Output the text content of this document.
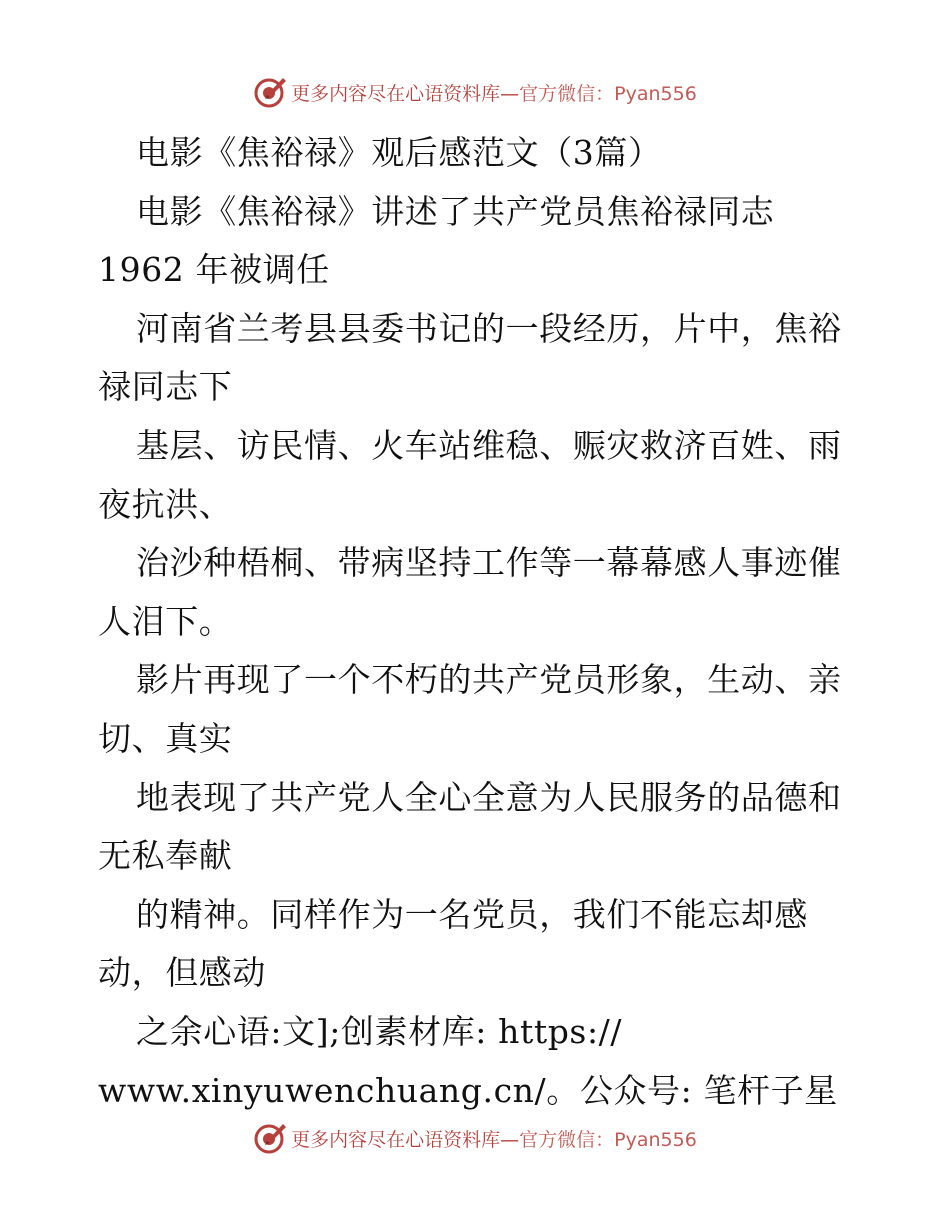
更多内容尽在心语资料库—官方微信：Pyan556
电影《焦裕禄》观后感范文（3篇）
电影《焦裕禄》讲述了共产党员焦裕禄同志
1962 年被调任
河南省兰考县县委书记的一段经历，片中，焦裕
禄同志下
基层、访民情、火车站维稳、赈灾救济百姓、雨
夜抗洪、
治沙种梧桐、带病坚持工作等一幕幕感人事迹催
人泪下。
影片再现了一个不朽的共产党员形象，生动、亲
切、真实
地表现了共产党人全心全意为人民服务的品德和
无私奉献
的精神。同样作为一名党员，我们不能忘却感
动，但感动
之余心语:文];创素材库: https://
www.xinyuwenchuang.cn/。公众号: 笔杆子星
更多内容尽在心语资料库—官方微信：Pyan556
